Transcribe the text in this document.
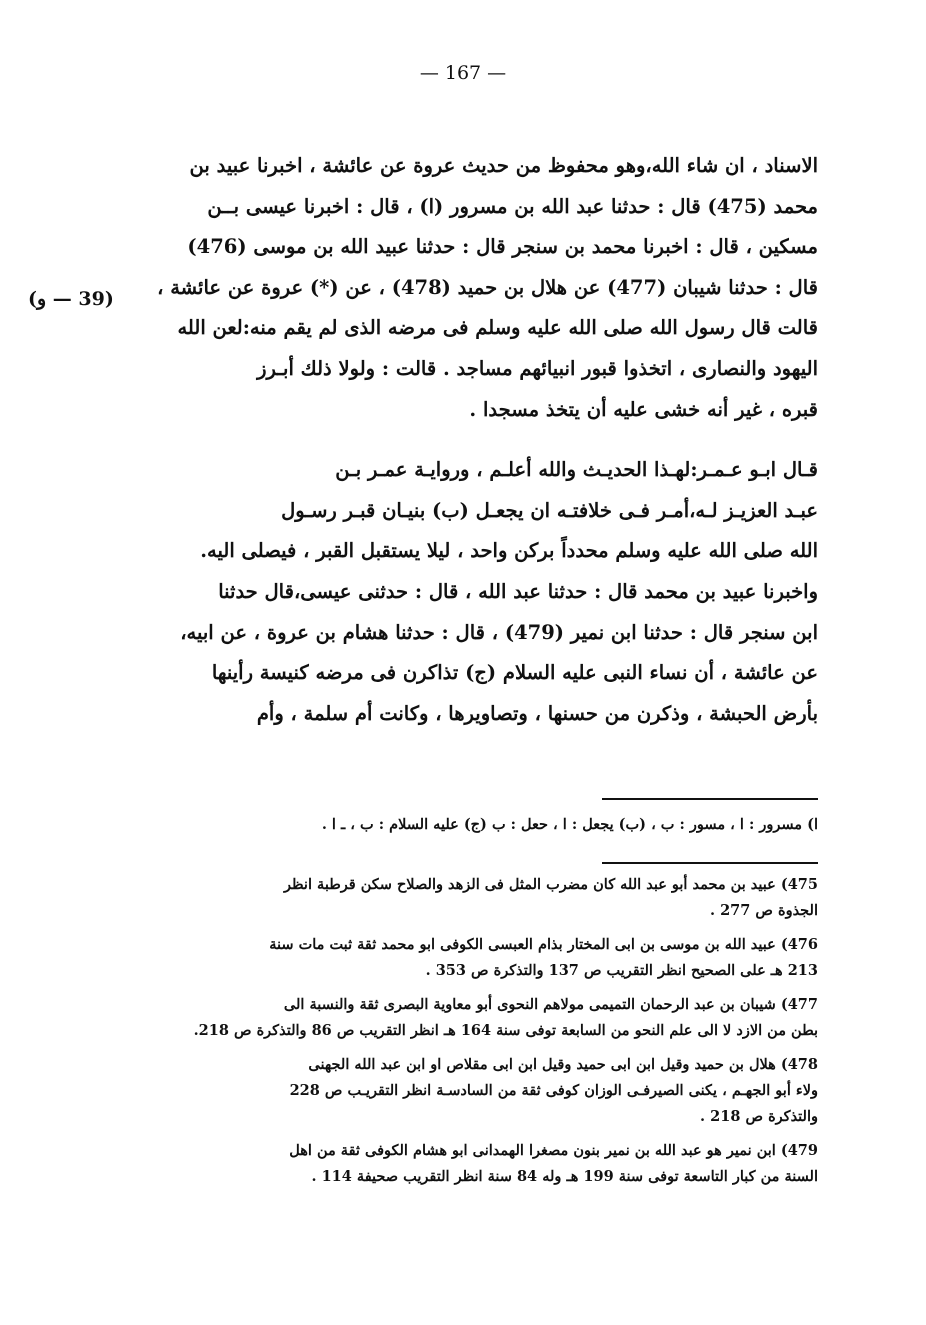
— 167 —
(39 — و)
الاسناد ، ان شاء الله،وهو محفوظ من حديث عروة عن عائشة ، اخبرنا عبيد بن
محمد (475) قال : حدثنا عبد الله بن مسرور (ا) ، قال : اخبرنا عيسى بــن
مسكين ، قال : اخبرنا محمد بن سنجر قال : حدثنا عبيد الله بن موسى (476)
قال : حدثنا شيبان (477) عن هلال بن حميد (478) ، عن (*) عروة عن عائشة ،
قالت قال رسول الله صلى الله عليه وسلم فى مرضه الذى لم يقم منه:لعن الله
اليهود والنصارى ، اتخذوا قبور انبيائهم مساجد . قالت : ولولا ذلك أبـرز
قبره ، غير أنه خشى عليه أن يتخذ مسجدا .
قـال ابـو عـمـر:لهـذا الحديـث والله أعلـم ، وروايـة عمـر بـن
عبـد العزيـز لـه،أمـر فـى خلافتـه ان يجعـل (ب) بنيـان قبـر رسـول
الله صلى الله عليه وسلم محدداً بركن واحد ، ليلا يستقبل القبر ، فيصلى اليه.
واخبرنا عبيد بن محمد قال : حدثنا عبد الله ، قال : حدثنى عيسى،قال حدثنا
ابن سنجر قال : حدثنا ابن نمير (479) ، قال : حدثنا هشام بن عروة ، عن ابيه،
عن عائشة ، أن نساء النبى عليه السلام (ج) تذاكرن فى مرضه كنيسة رأينها
بأرض الحبشة ، وذكرن من حسنها ، وتصاويرها ، وكانت أم سلمة ، وأم
ا) مسرور : ا ، مسور : ب ، (ب) يجعل : ا ، حعل : ب (ج) عليه السلام : ب ، ـ ا .
475) عبيد بن محمد أبو عبد الله كان مضرب المثل فى الزهد والصلاح سكن قرطبة انظر
الجذوة ص 277 .
476) عبيد الله بن موسى بن ابى المختار بذام العبسى الكوفى ابو محمد ثقة ثبت مات سنة
213 هـ على الصحيح انظر التقريب ص 137 والتذكرة ص 353 .
477) شيبان بن عبد الرحمان التميمى مولاهم النحوى أبو معاوية البصرى ثقة والنسبة الى
بطن من الازد لا الى علم النحو من السابعة توفى سنة 164 هـ انظر التقريب ص 86 والتذكرة ص 218.
478) هلال بن حميد وقيل ابن ابى حميد وقيل ابن ابى مقلاص او ابن عبد الله الجهنى
ولاء أبو الجهـم ، يكنى الصيرفـى الوزان كوفى ثقة من السادسـة انظر التقريـب ص 228
والتذكرة ص 218 .
479) ابن نمير هو عبد الله بن نمير بنون مصغرا الهمدانى ابو هشام الكوفى ثقة من اهل
السنة من كبار التاسعة توفى سنة 199 هـ وله 84 سنة انظر التقريب صحيفة 114 .
